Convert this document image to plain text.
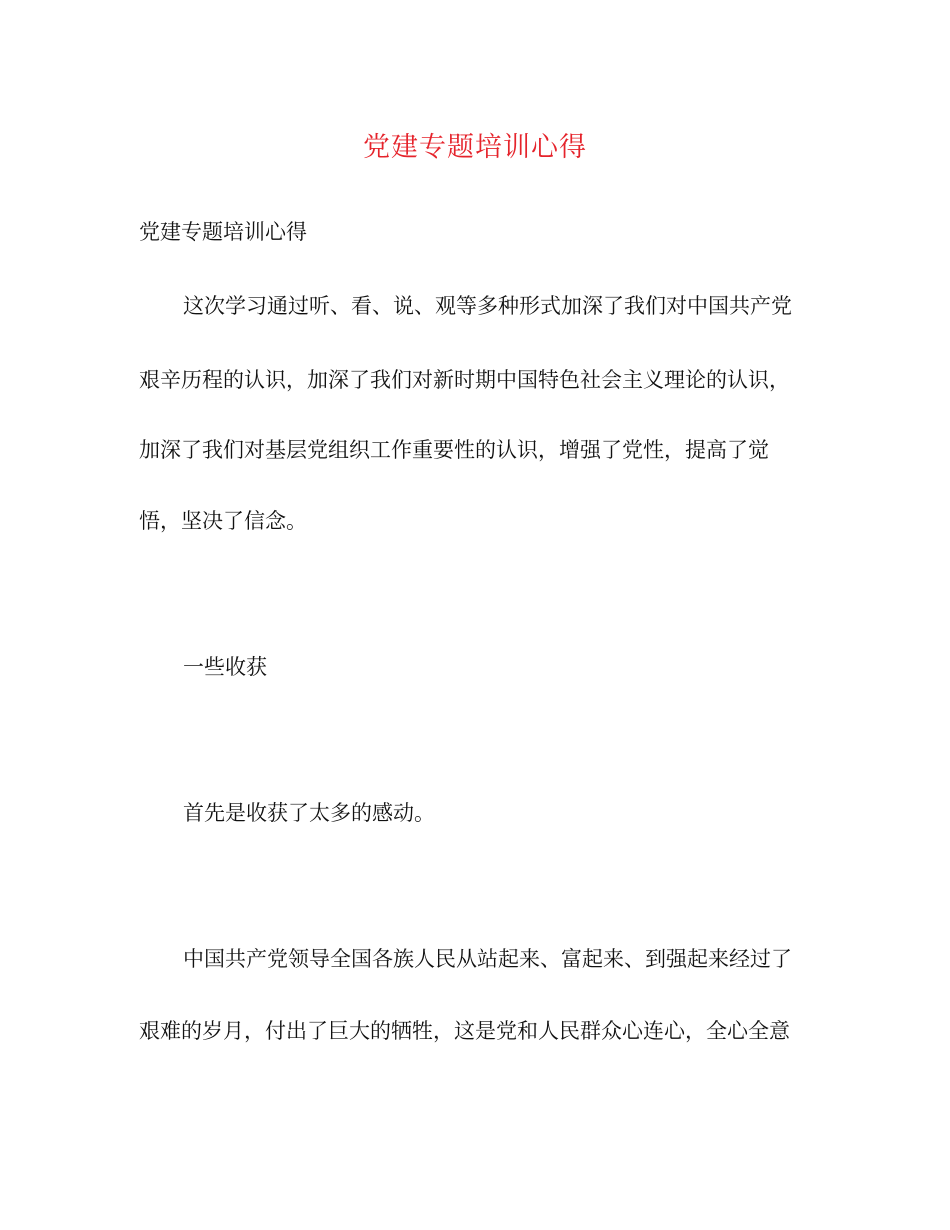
党建专题培训心得
党建专题培训心得
这次学习通过听、看、说、观等多种形式加深了我们对中国共产党
艰辛历程的认识，加深了我们对新时期中国特色社会主义理论的认识，
加深了我们对基层党组织工作重要性的认识，增强了党性，提高了觉
悟，坚决了信念。
一些收获
首先是收获了太多的感动。
中国共产党领导全国各族人民从站起来、富起来、到强起来经过了
艰难的岁月，付出了巨大的牺牲，这是党和人民群众心连心，全心全意
